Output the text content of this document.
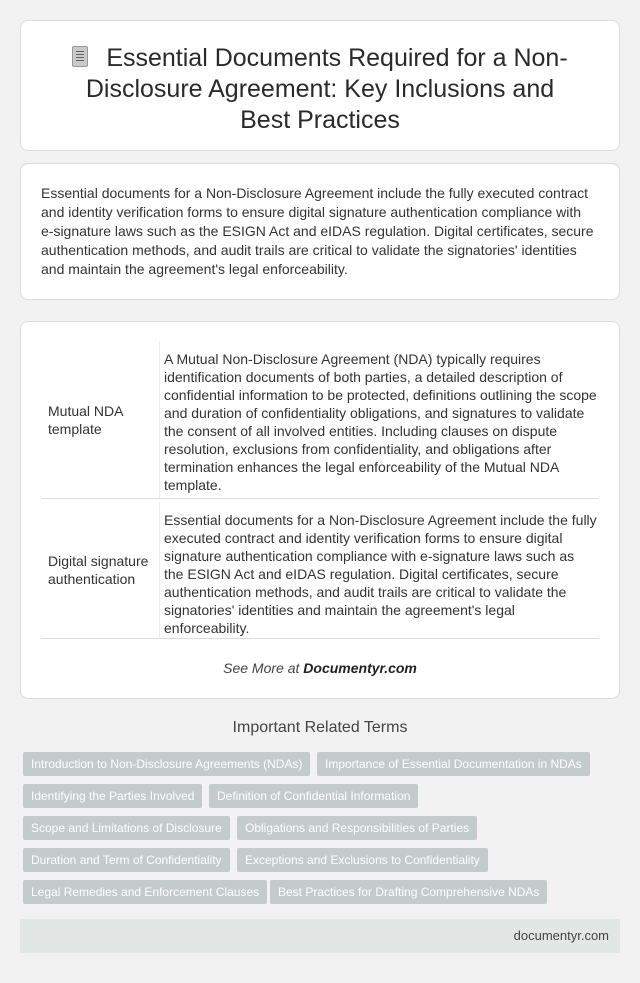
Essential Documents Required for a Non-Disclosure Agreement: Key Inclusions and Best Practices

Essential documents for a Non-Disclosure Agreement include the fully executed contract and identity verification forms to ensure digital signature authentication compliance with e-signature laws such as the ESIGN Act and eIDAS regulation. Digital certificates, secure authentication methods, and audit trails are critical to validate the signatories' identities and maintain the agreement's legal enforceability.

Mutual NDA template
A Mutual Non-Disclosure Agreement (NDA) typically requires identification documents of both parties, a detailed description of confidential information to be protected, definitions outlining the scope and duration of confidentiality obligations, and signatures to validate the consent of all involved entities. Including clauses on dispute resolution, exclusions from confidentiality, and obligations after termination enhances the legal enforceability of the Mutual NDA template.
Digital signature authentication
Essential documents for a Non-Disclosure Agreement include the fully executed contract and identity verification forms to ensure digital signature authentication compliance with e-signature laws such as the ESIGN Act and eIDAS regulation. Digital certificates, secure authentication methods, and audit trails are critical to validate the signatories' identities and maintain the agreement's legal enforceability.
See More at Documentyr.com
Important Related Terms
Introduction to Non-Disclosure Agreements (NDAs)	Importance of Essential Documentation in NDAs
Identifying the Parties Involved	Definition of Confidential Information
Scope and Limitations of Disclosure	Obligations and Responsibilities of Parties
Duration and Term of Confidentiality	Exceptions and Exclusions to Confidentiality
Legal Remedies and Enforcement Clauses	Best Practices for Drafting Comprehensive NDAs
documentyr.com
